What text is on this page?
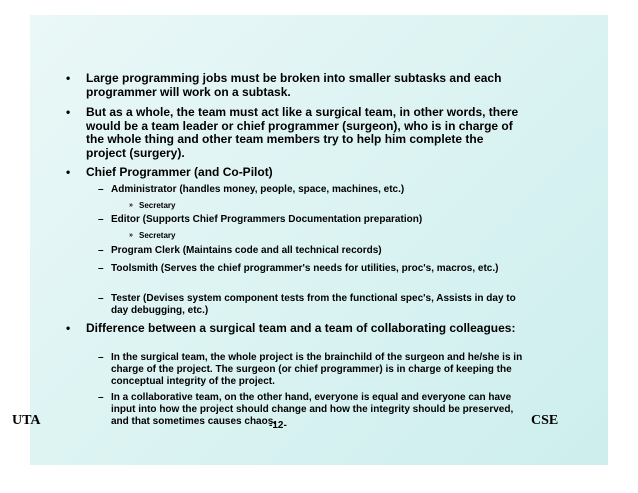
• Large programming jobs must be broken into smaller subtasks and each programmer will work on a subtask.
• But as a whole, the team must act like a surgical team, in other words, there would be a team leader or chief programmer (surgeon), who is in charge of the whole thing and other team members try to help him complete the project (surgery).
• Chief Programmer (and Co-Pilot)
– Administrator (handles money, people, space, machines, etc.)
» Secretary
– Editor (Supports Chief Programmers Documentation preparation)
» Secretary
– Program Clerk (Maintains code and all technical records)
– Toolsmith (Serves the chief programmer's needs for utilities, proc's, macros, etc.)
– Tester (Devises system component tests from the functional spec's, Assists in day to day debugging, etc.)
• Difference between a surgical team and a team of collaborating colleagues:
– In the surgical team, the whole project is the brainchild of the surgeon and he/she is in charge of the project. The surgeon (or chief programmer) is in charge of keeping the conceptual integrity of the project.
– In a collaborative team, on the other hand, everyone is equal and everyone can have input into how the project should change and how the integrity should be preserved, and that sometimes causes chaos.
UTA	-12-	CSE
